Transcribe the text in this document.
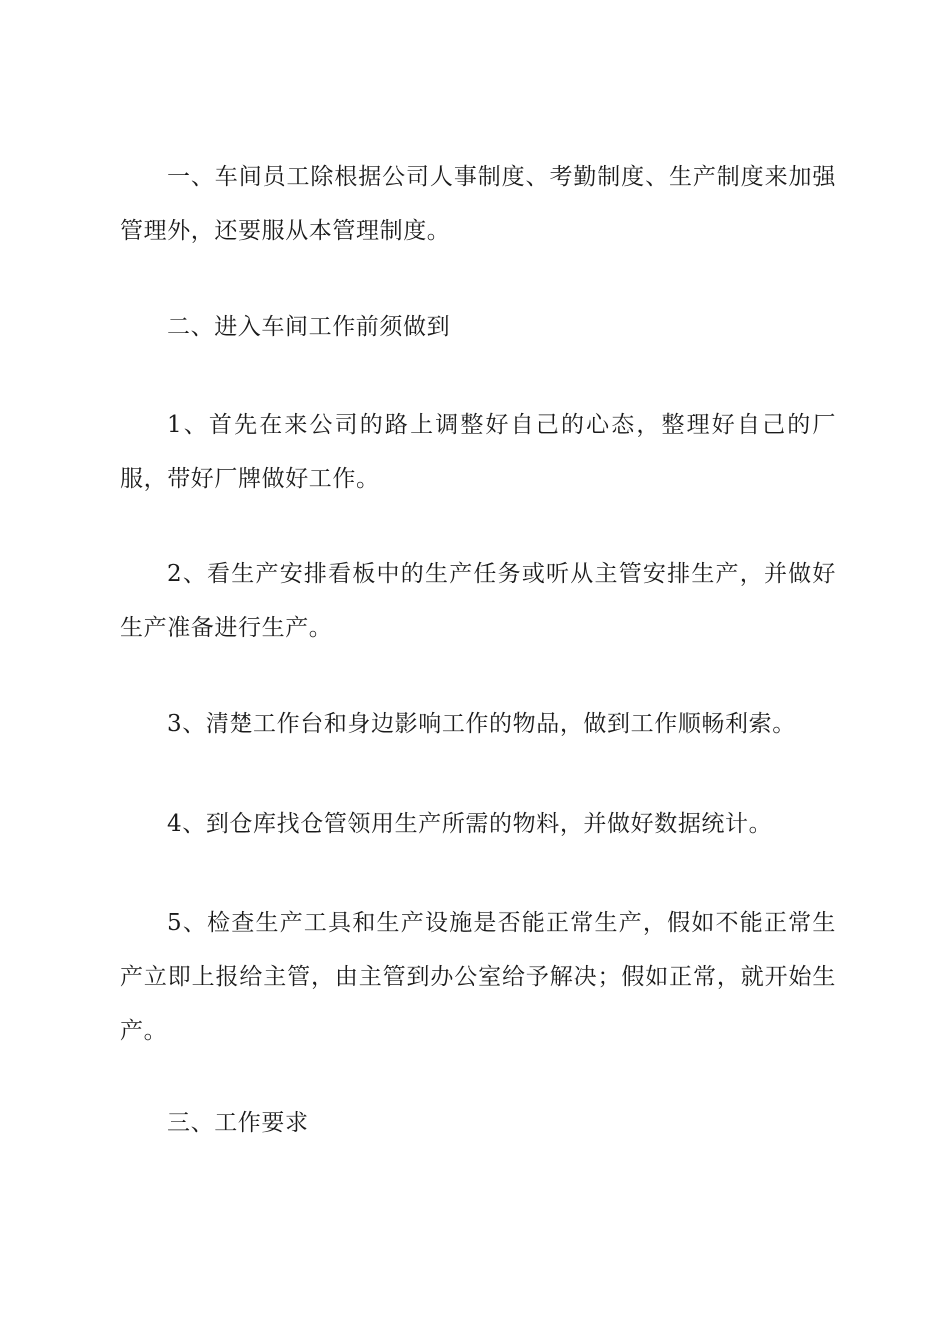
一、车间员工除根据公司人事制度、考勤制度、生产制度来加强管理外，还要服从本管理制度。

二、进入车间工作前须做到

1、首先在来公司的路上调整好自己的心态，整理好自己的厂服，带好厂牌做好工作。

2、看生产安排看板中的生产任务或听从主管安排生产，并做好生产准备进行生产。

3、清楚工作台和身边影响工作的物品，做到工作顺畅利索。

4、到仓库找仓管领用生产所需的物料，并做好数据统计。

5、检查生产工具和生产设施是否能正常生产，假如不能正常生产立即上报给主管，由主管到办公室给予解决；假如正常，就开始生产。

三、工作要求
